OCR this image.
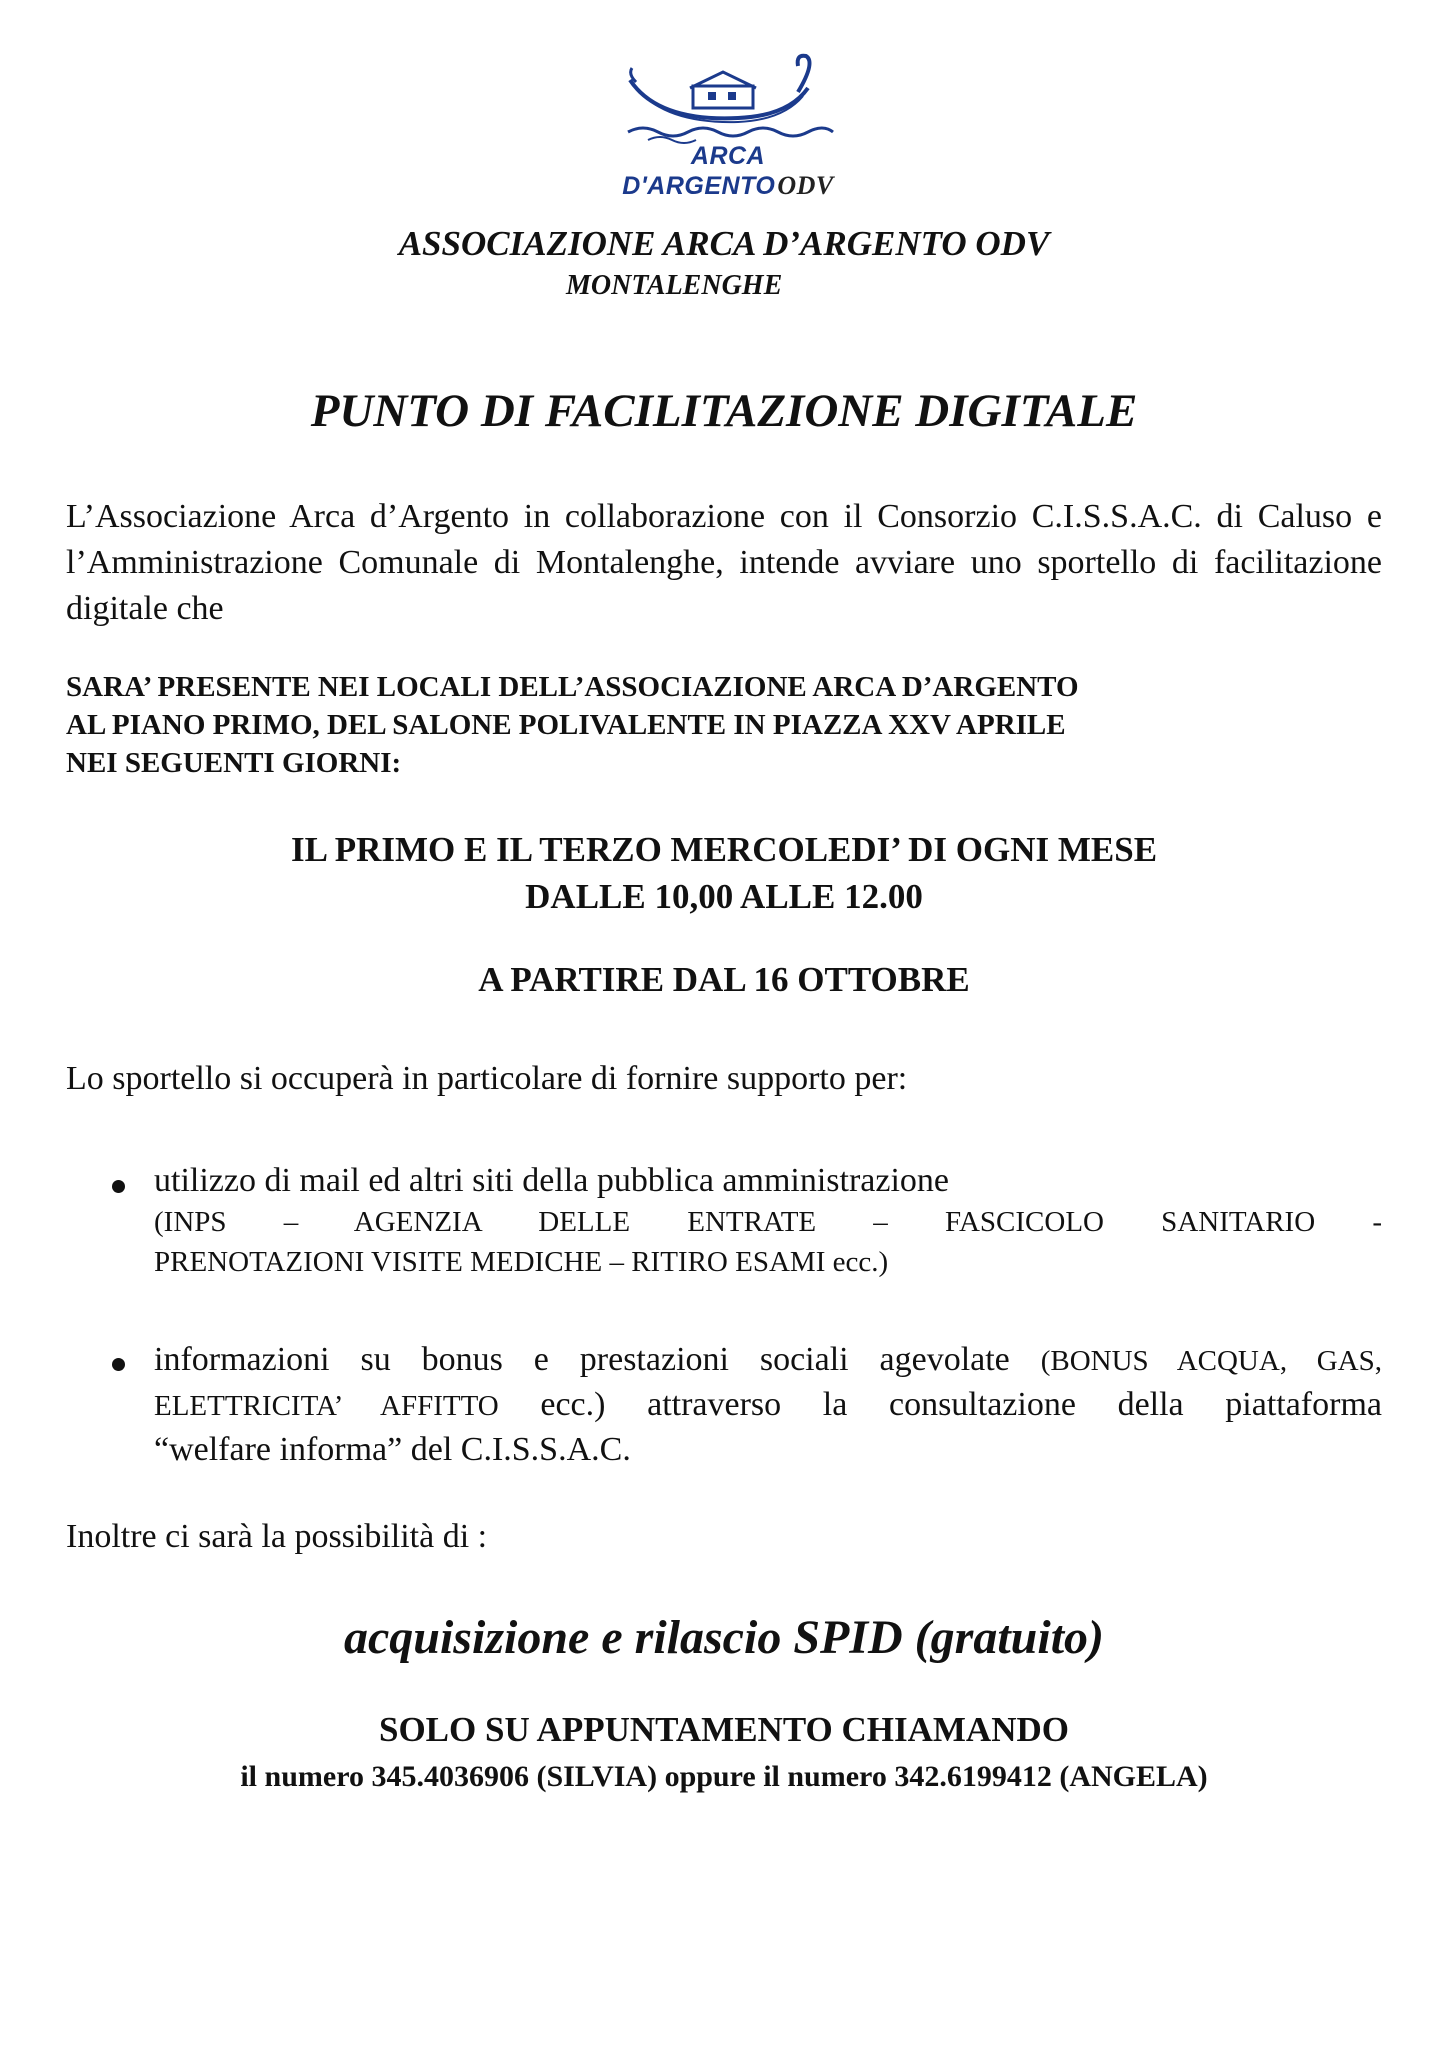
ARCA D'ARGENTOODV
ASSOCIAZIONE ARCA D’ARGENTO ODV
MONTALENGHE
PUNTO DI FACILITAZIONE DIGITALE

L’Associazione Arca d’Argento in collaborazione con il Consorzio C.I.S.S.A.C. di Caluso e l’Amministrazione Comunale di Montalenghe, intende avviare uno sportello di facilitazione digitale che

SARA’ PRESENTE NEI LOCALI DELL’ASSOCIAZIONE ARCA D’ARGENTO
AL PIANO PRIMO, DEL SALONE POLIVALENTE IN PIAZZA XXV APRILE
NEI SEGUENTI GIORNI:
IL PRIMO E IL TERZO MERCOLEDI’ DI OGNI MESE
DALLE 10,00 ALLE 12.00
A PARTIRE DAL 16 OTTOBRE
Lo sportello si occuperà in particolare di fornire supporto per:
utilizzo di mail ed altri siti della pubblica amministrazione
(INPS – AGENZIA DELLE ENTRATE – FASCICOLO SANITARIO -
PRENOTAZIONI VISITE MEDICHE – RITIRO ESAMI ecc.)
informazioni su bonus e prestazioni sociali agevolate (BONUS ACQUA, GAS,
ELETTRICITA’ AFFITTO ecc.) attraverso la consultazione della piattaforma
“welfare informa” del C.I.S.S.A.C.
Inoltre ci sarà la possibilità di :
acquisizione e rilascio SPID (gratuito)
SOLO SU APPUNTAMENTO CHIAMANDO
il numero 345.4036906 (SILVIA) oppure il numero 342.6199412 (ANGELA)
